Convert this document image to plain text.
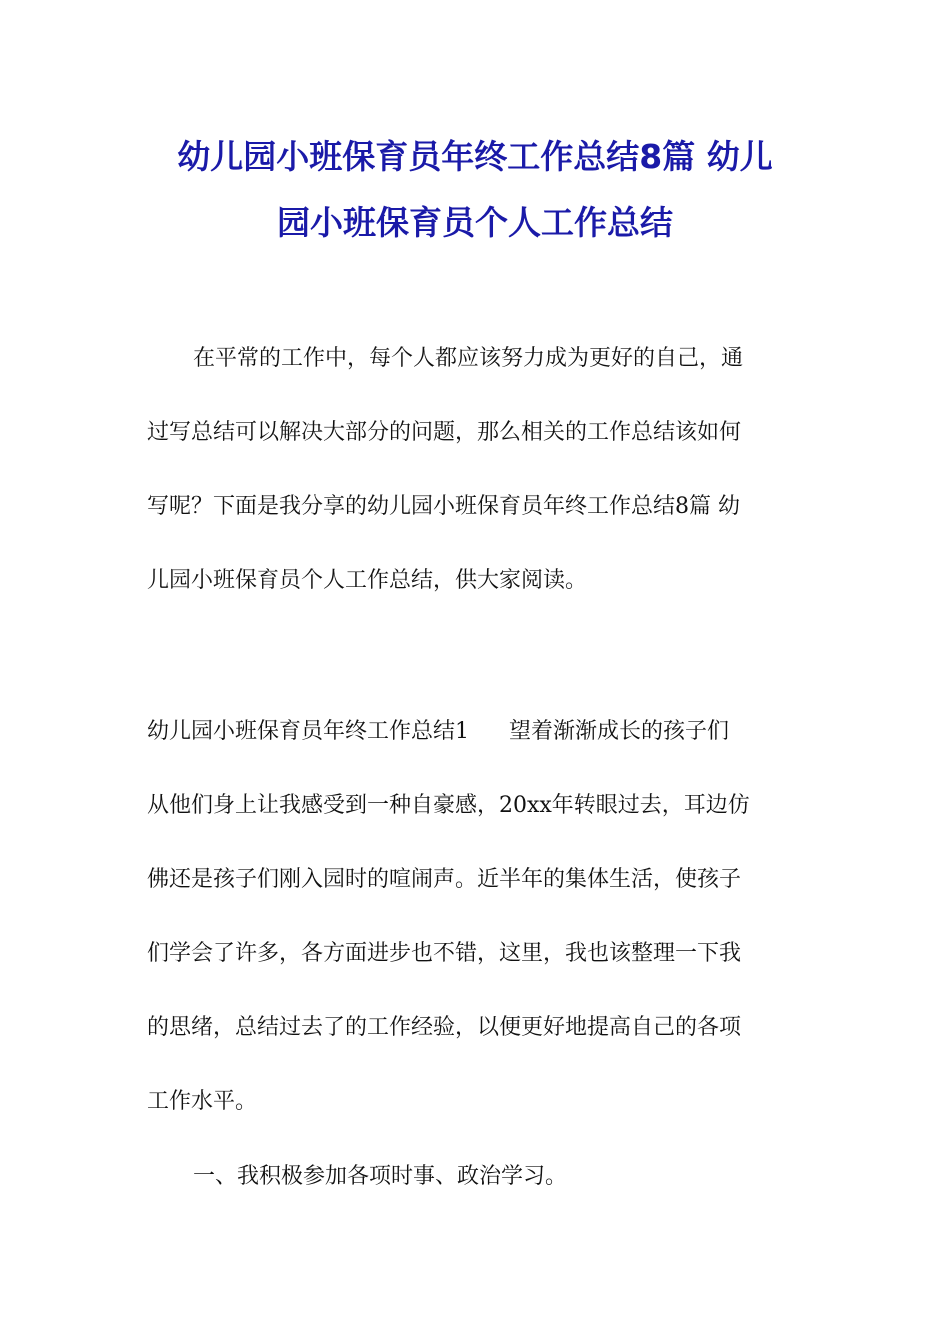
幼儿园小班保育员年终工作总结8篇 幼儿
园小班保育员个人工作总结

在平常的工作中，每个人都应该努力成为更好的自己，通
过写总结可以解决大部分的问题，那么相关的工作总结该如何
写呢？下面是我分享的幼儿园小班保育员年终工作总结8篇 幼
儿园小班保育员个人工作总结，供大家阅读。

幼儿园小班保育员年终工作总结1 望着渐渐成长的孩子们
从他们身上让我感受到一种自豪感，20xx年转眼过去，耳边仿
佛还是孩子们刚入园时的喧闹声。近半年的集体生活，使孩子
们学会了许多，各方面进步也不错，这里，我也该整理一下我
的思绪，总结过去了的工作经验，以便更好地提高自己的各项
工作水平。

一、我积极参加各项时事、政治学习。
